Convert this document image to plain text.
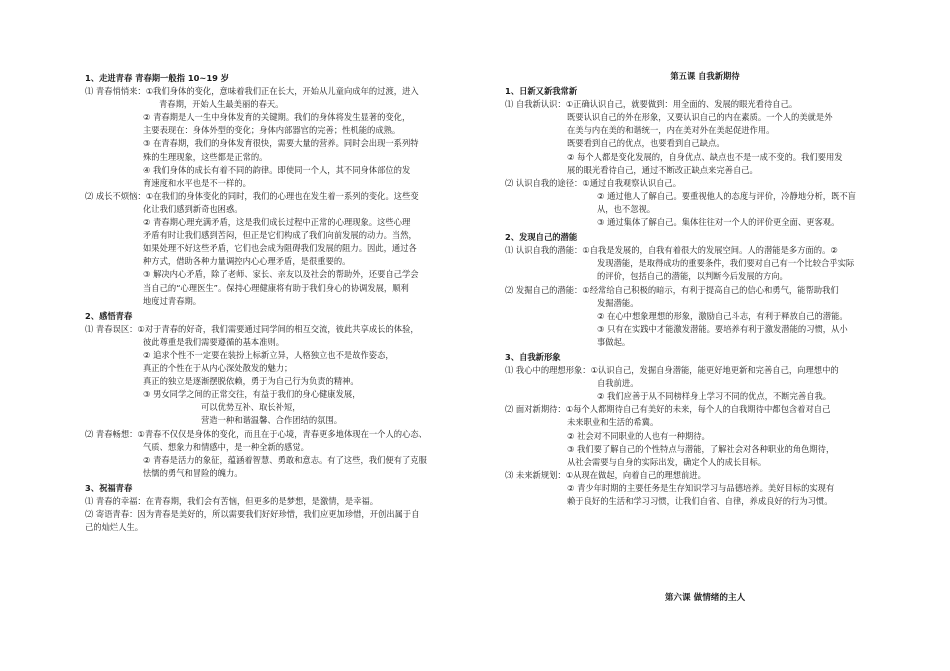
1、走进青春 青春期一般指 10~19 岁
⑴ 青春悄悄来：①我们身体的变化，意味着我们正在长大，开始从儿童向成年的过渡，进入
青春期，开始人生最美丽的春天。
② 青春期是人一生中身体发育的关键期。我们的身体将发生显著的变化，
主要表现在：身体外型的变化；身体内部器官的完善；性机能的成熟。
③ 在青春期，我们的身体发育很快，需要大量的营养。同时会出现一系列特
殊的生理现象，这些都是正常的。
④ 我们身体的成长有着不同的韵律。即使同一个人，其不同身体部位的发
育速度和水平也是不一样的。
⑵ 成长不烦恼：①在我们的身体变化的同时，我们的心理也在发生着一系列的变化。这些变
化让我们感到新奇也困惑。
② 青春期心理充满矛盾，这是我们成长过程中正常的心理现象。这些心理
矛盾有时让我们感到苦闷，但正是它们构成了我们向前发展的动力。当然，
如果处理不好这些矛盾，它们也会成为阻碍我们发展的阻力。因此，通过各
种方式，借助各种力量调控内心心理矛盾，是很重要的。
③ 解决内心矛盾，除了老师、家长、亲友以及社会的帮助外，还要自己学会
当自己的“心理医生”。保持心理健康将有助于我们身心的协调发展，顺利
地度过青春期。
2、感悟青春
⑴ 青春误区：①对于青春的好奇，我们需要通过同学间的相互交流，彼此共享成长的体验，
彼此尊重是我们需要遵循的基本准则。
② 追求个性不一定要在装扮上标新立异，人格独立也不是故作姿态，
真正的个性在于从内心深处散发的魅力；
真正的独立是逐渐摆脱依赖，勇于为自己行为负责的精神。
③ 男女同学之间的正常交往，有益于我们的身心健康发展，
可以优势互补、取长补短，
营造一种和谐温馨、合作团结的氛围。
⑵ 青春畅想：①青春不仅仅是身体的变化，而且在于心境，青春更多地体现在一个人的心态、
气质、想象力和情感中，是一种全新的感觉。
② 青春是活力的象征，蕴涵着智慧、勇敢和意志。有了这些，我们便有了克服
怯懦的勇气和冒险的魄力。
3、祝福青春
⑴ 青春的幸福：在青春期，我们会有苦恼，但更多的是梦想，是激情，是幸福。
⑵ 寄语青春：因为青春是美好的，所以需要我们好好珍惜，我们应更加珍惜，开创出属于自
己的灿烂人生。
第五课 自我新期待
1、日新又新我常新
⑴ 自我新认识：①正确认识自己，就要做到：用全面的、发展的眼光看待自己。
既要认识自己的外在形象，又要认识自己的内在素质。一个人的美就是外
在美与内在美的和谐统一，内在美对外在美起促进作用。
既要看到自己的优点，也要看到自己缺点。
② 每个人都是变化发展的，自身优点、缺点也不是一成不变的。我们要用发
展的眼光看待自己，通过不断改正缺点来完善自己。
⑵ 认识自我的途径：①通过自我观察认识自己。
② 通过他人了解自己。要重视他人的态度与评价，冷静地分析，既不盲
从，也不忽视。
③ 通过集体了解自己。集体往往对一个人的评价更全面、更客观。
2、发现自己的潜能
⑴ 认识自我的潜能：①自我是发展的，自我有着很大的发展空间。人的潜能是多方面的。②
发现潜能，是取得成功的重要条件，我们要对自己有一个比较合乎实际
的评价，包括自己的潜能，以判断今后发展的方向。
⑵ 发掘自己的潜能：①经常给自己积极的暗示，有利于提高自己的信心和勇气，能帮助我们
发掘潜能。
② 在心中想象理想的形象，激励自己斗志，有利于释放自己的潜能。
③ 只有在实践中才能激发潜能。要培养有利于激发潜能的习惯，从小
事做起。
3、自我新形象
⑴ 我心中的理想形象：①认识自己，发掘自身潜能，能更好地更新和完善自己，向理想中的
自我前进。
② 我们应善于从不同榜样身上学习不同的优点，不断完善自我。
⑵ 面对新期待：①每个人都期待自己有美好的未来，每个人的自我期待中都包含着对自己
未来职业和生活的希冀。
② 社会对不同职业的人也有一种期待。
③ 我们要了解自己的个性特点与潜能，了解社会对各种职业的角色期待，
从社会需要与自身的实际出发，确定个人的成长目标。
⑶ 未来新规划：①从现在做起，向着自己的理想前进。
② 青少年时期的主要任务是生存知识学习与品德培养。美好目标的实现有
赖于良好的生活和学习习惯，让我们自省、自律，养成良好的行为习惯。
第六课 做情绪的主人
